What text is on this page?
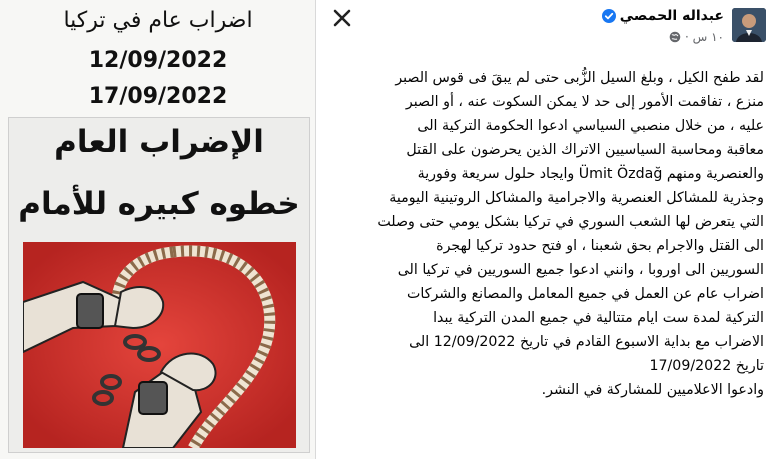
اضراب عام في تركيا
12/09/2022
17/09/2022
الإضراب العام
خطوه كبيره للأمام
عبداله الحمصي
١٠ س ·

لقد طفح الكيل ، وبلغ السيل الزُّبى حتى لم يبقَ فى قوس الصبر

منزع ، تفاقمت الأمور إلى حد لا يمكن السكوت عنه ، أو الصبر

عليه ، من خلال منصبي السياسي ادعوا الحكومة التركية الى

معاقبة ومحاسبة السياسيين الاتراك الذين يحرضون على القتل

والعنصرية ومنهم Ümit Özdağ وايجاد حلول سريعة وفورية

وجذرية للمشاكل العنصرية والاجرامية والمشاكل الروتينية اليومية

التي يتعرض لها الشعب السوري في تركيا بشكل يومي حتى وصلت

الى القتل والاجرام بحق شعبنا ، او فتح حدود تركيا لهجرة

السوريين الى اوروبا ، وانني ادعوا جميع السوريين في تركيا الى

اضراب عام عن العمل في جميع المعامل والمصانع والشركات

التركية لمدة ست ايام متتالية في جميع المدن التركية يبدا

الاضراب مع بداية الاسبوع القادم في تاريخ 12/09/2022 الى

تاريخ 17/09/2022

وادعوا الاعلاميين للمشاركة في النشر.
